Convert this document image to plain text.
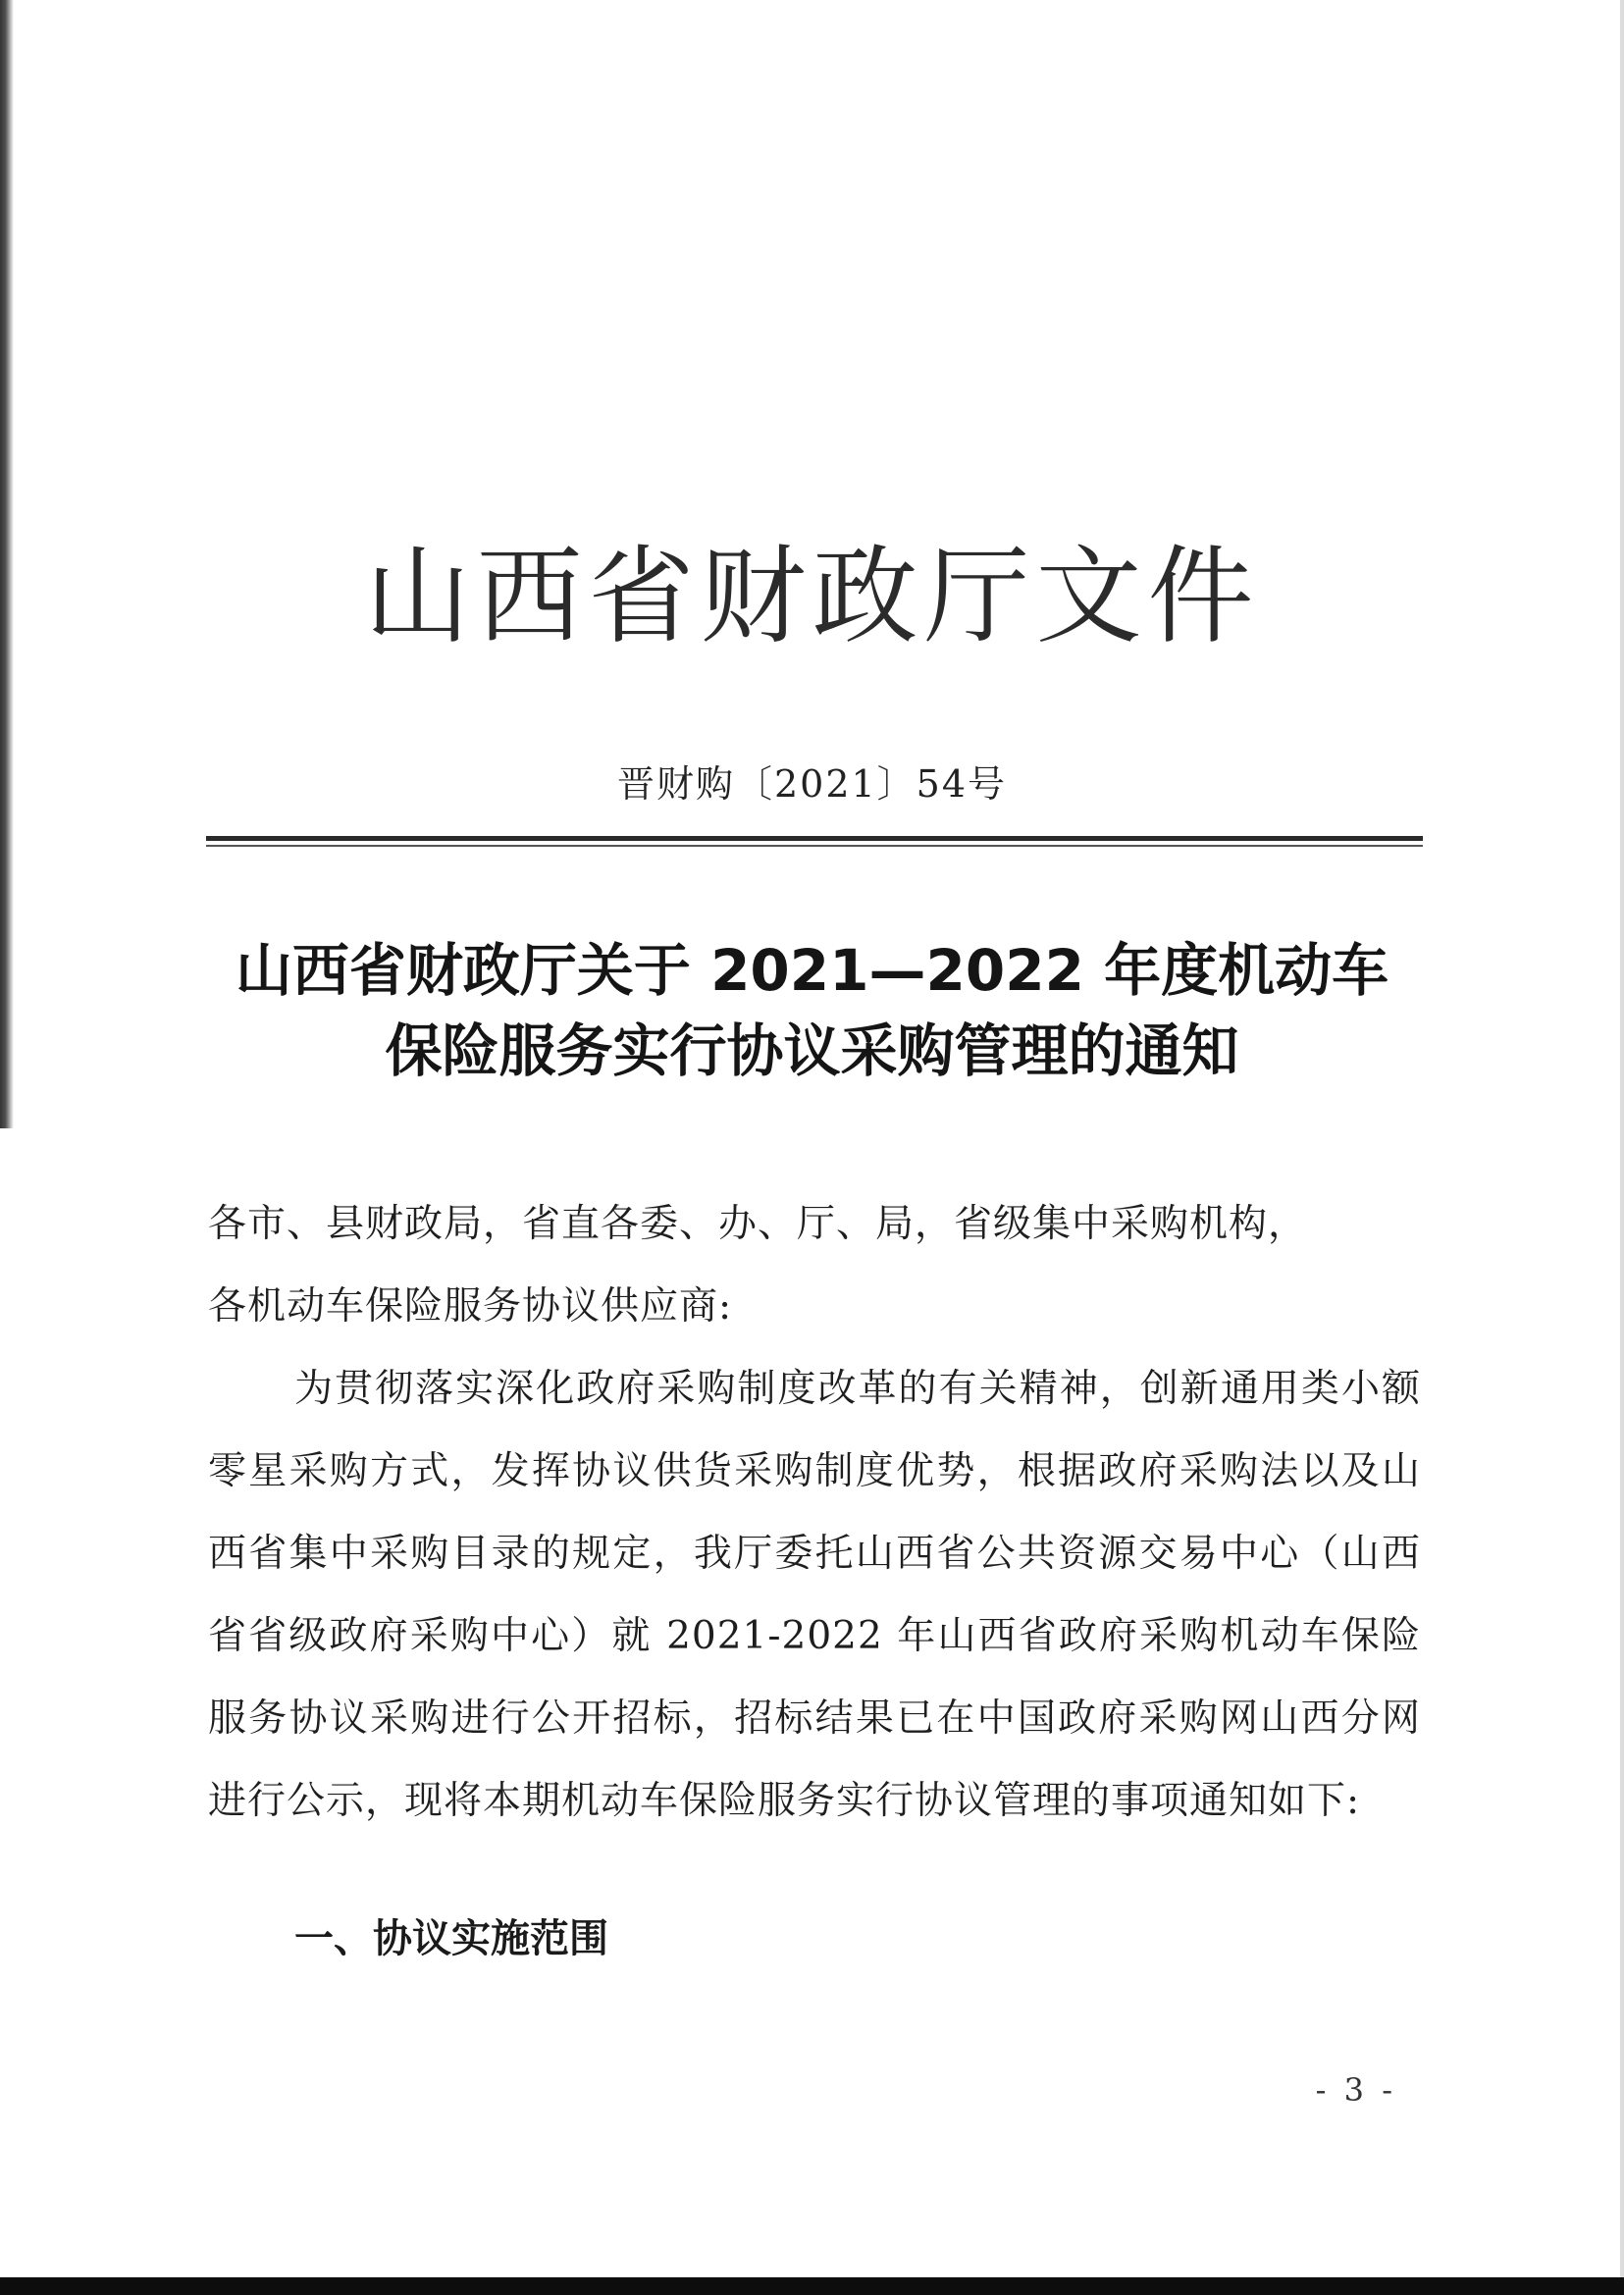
山西省财政厅文件
晋财购〔2021〕54号
山西省财政厅关于 2021—2022 年度机动车
保险服务实行协议采购管理的通知

各市、县财政局，省直各委、办、厅、局，省级集中采购机构，

各机动车保险服务协议供应商:

为贯彻落实深化政府采购制度改革的有关精神，创新通用类小额零星采购方式，发挥协议供货采购制度优势，根据政府采购法以及山西省集中采购目录的规定，我厅委托山西省公共资源交易中心（山西省省级政府采购中心）就 2021-2022 年山西省政府采购机动车保险服务协议采购进行公开招标，招标结果已在中国政府采购网山西分网进行公示，现将本期机动车保险服务实行协议管理的事项通知如下:

一、协议实施范围
- 3 -
